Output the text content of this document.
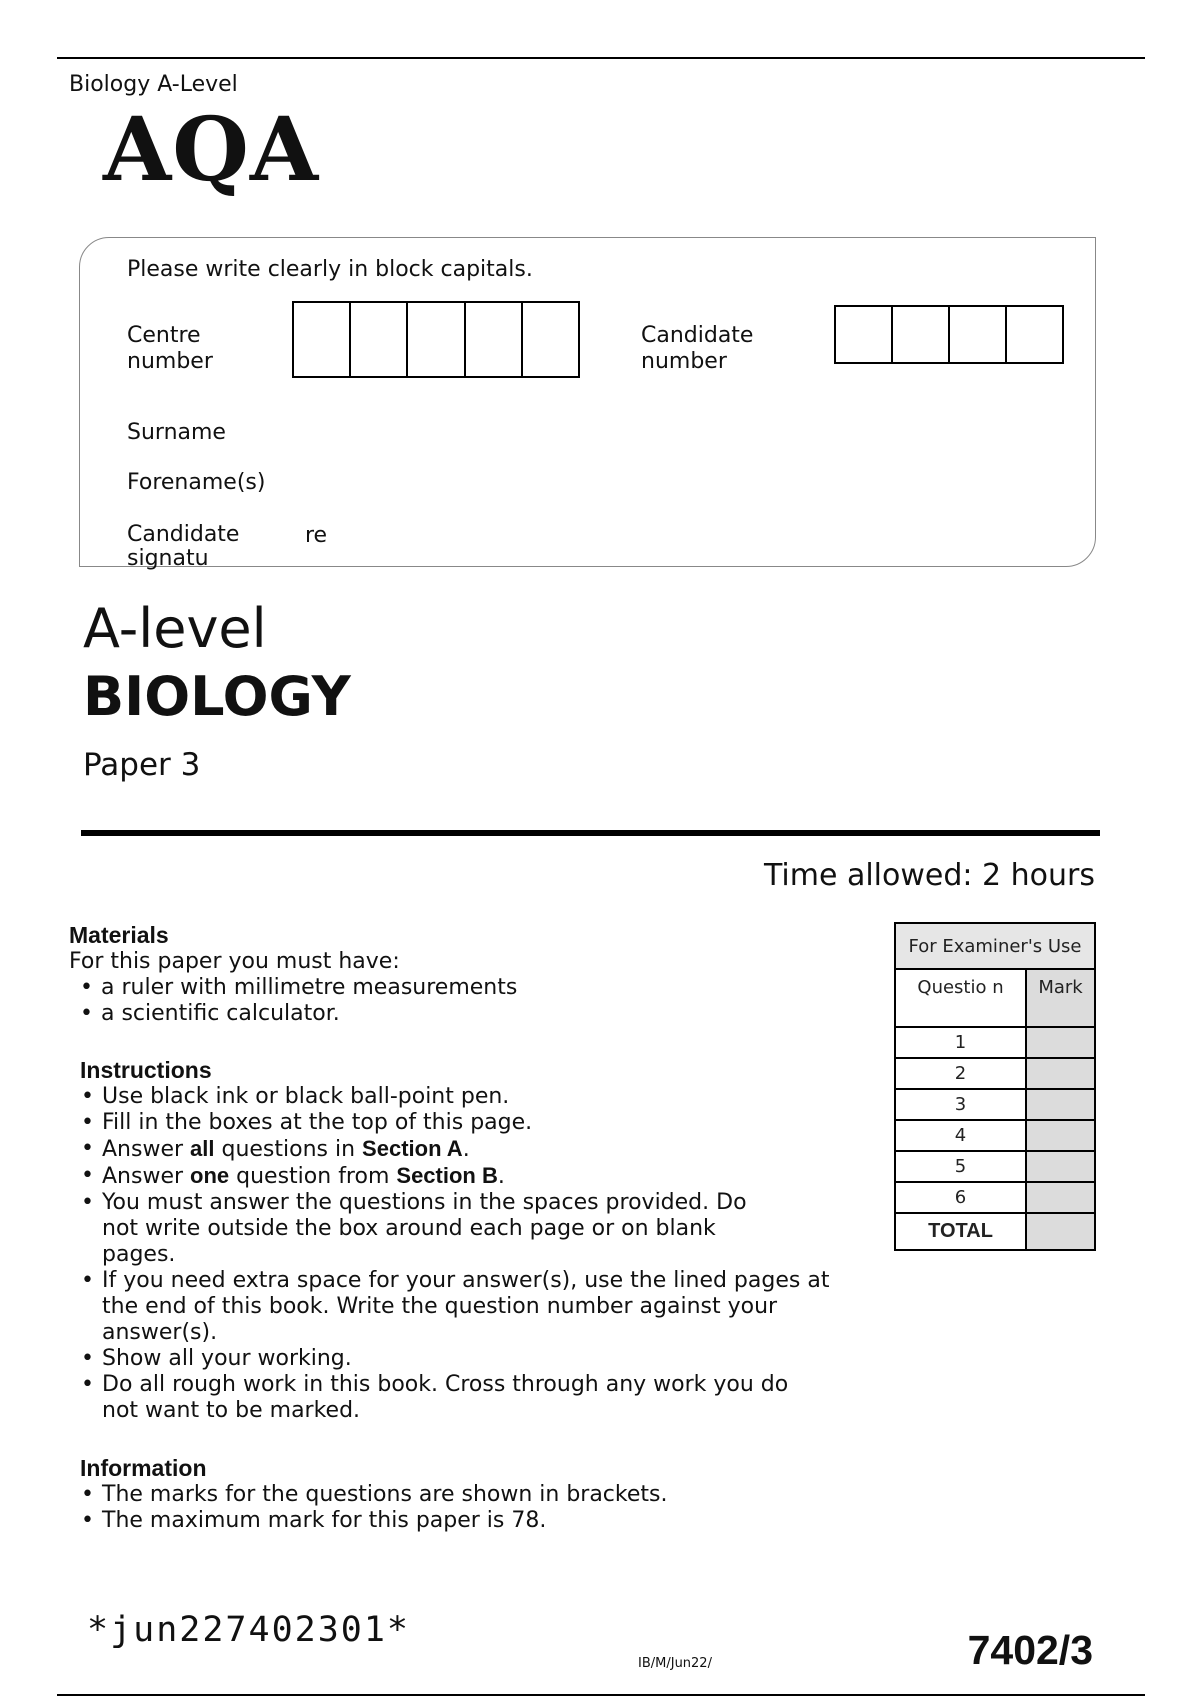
Biology A-Level
AQA
Please write clearly in block capitals.
Centre
number
Candidate
number
Surname
Forename(s)
Candidate
signatu
re
A-level
BIOLOGY
Paper 3
Time allowed: 2 hours
Materials
For this paper you must have:
• a ruler with millimetre measurements
• a scientific calculator.
Instructions
• Use black ink or black ball-point pen.
• Fill in the boxes at the top of this page.
• Answer all questions in Section A.
• Answer one question from Section B.
• You must answer the questions in the spaces provided. Do not write outside the box around each page or on blank pages.
• If you need extra space for your answer(s), use the lined pages at the end of this book. Write the question number against your answer(s).
• Show all your working.
• Do all rough work in this book. Cross through any work you do not want to be marked.
Information
• The marks for the questions are shown in brackets.
• The maximum mark for this paper is 78.
For Examiner's Use	
Questio n	Mark
1	
2	
3	
4	
5	
6	
TOTAL	
*jun227402301*
IB/M/Jun22/	7402/3
